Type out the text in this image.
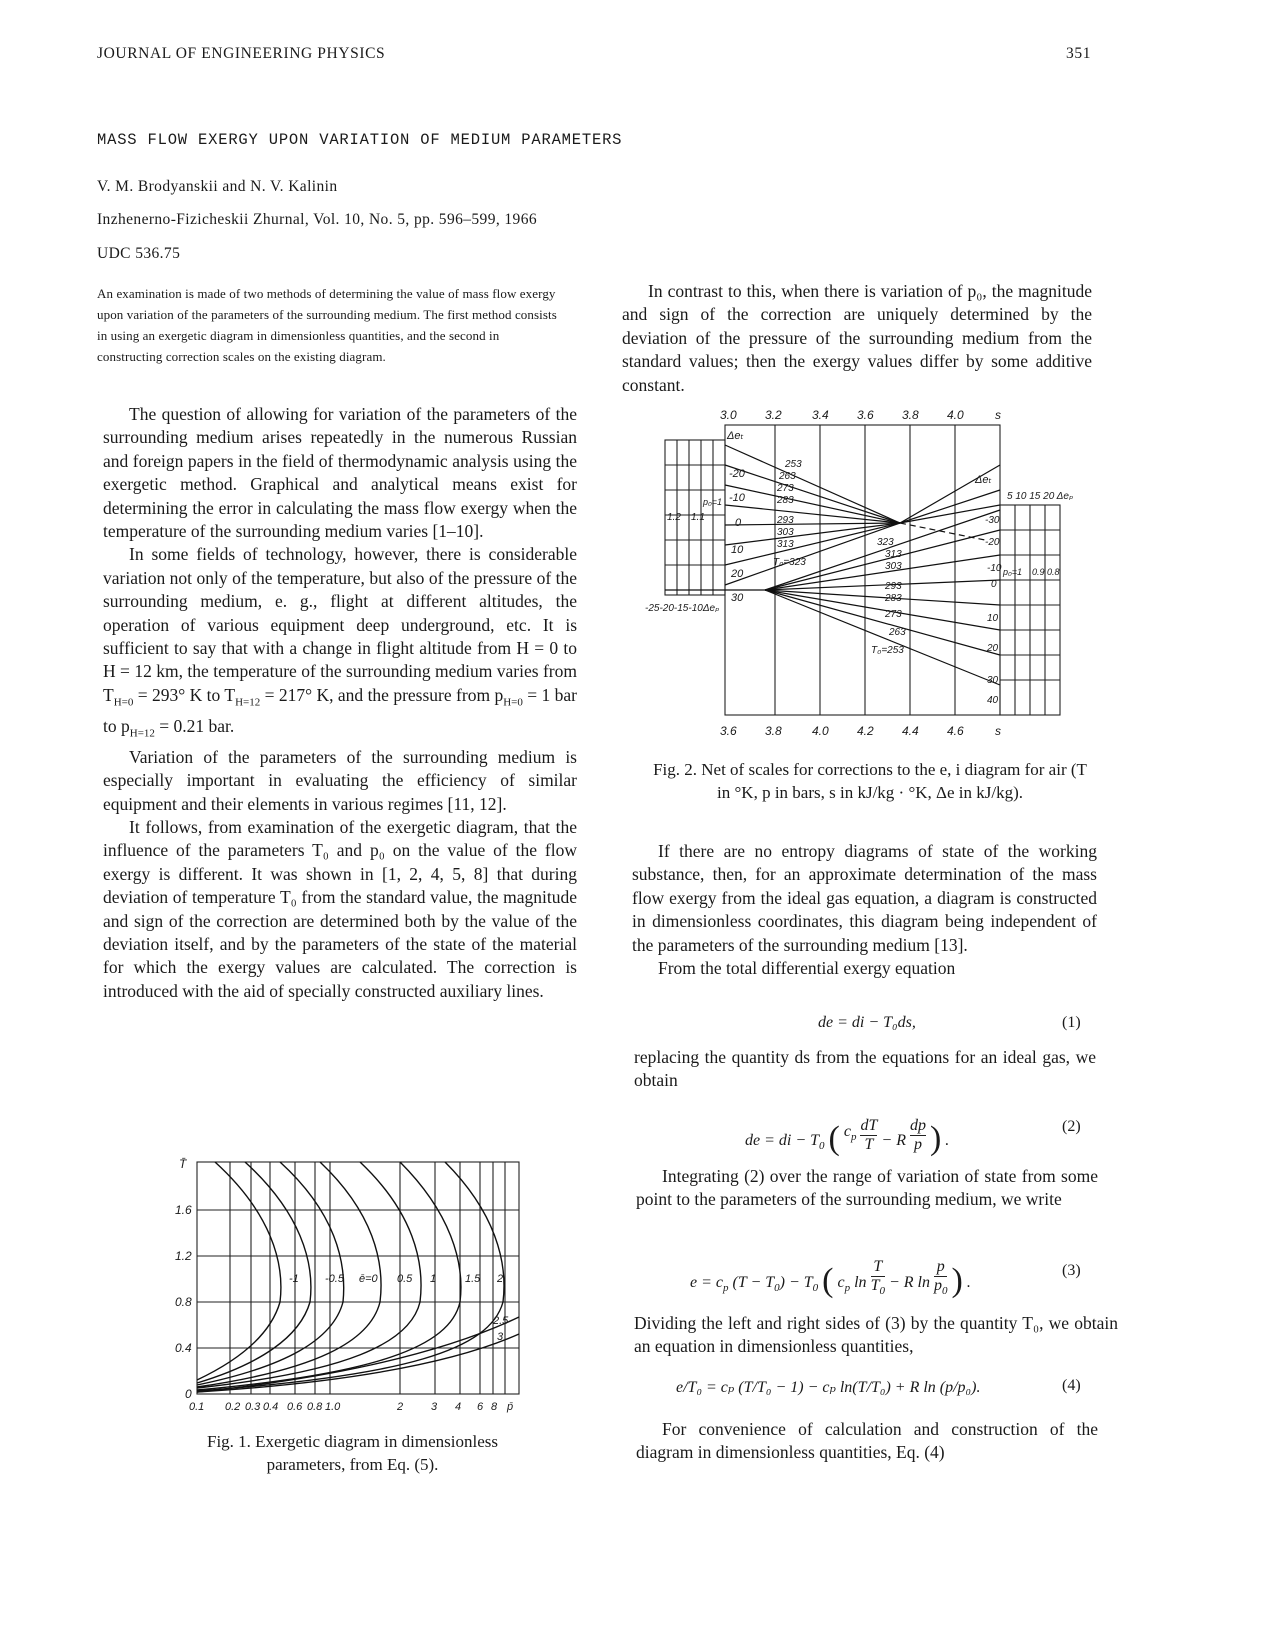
JOURNAL OF ENGINEERING PHYSICS	351
MASS FLOW EXERGY UPON VARIATION OF MEDIUM PARAMETERS
V. M. Brodyanskii and N. V. Kalinin
Inzhenerno-Fizicheskii Zhurnal, Vol. 10, No. 5, pp. 596–599, 1966
UDC 536.75
An examination is made of two methods of determining the value of mass flow exergy upon variation of the parameters of the surrounding medium. The first method consists in using an exergetic diagram in dimensionless quantities, and the second in constructing correction scales on the existing diagram.

The question of allowing for variation of the parameters of the surrounding medium arises repeatedly in the numerous Russian and foreign papers in the field of thermodynamic analysis using the exergetic method. Graphical and analytical means exist for determining the error in calculating the mass flow exergy when the temperature of the surrounding medium varies [1–10].

In some fields of technology, however, there is considerable variation not only of the temperature, but also of the pressure of the surrounding medium, e. g., flight at different altitudes, the operation of various equipment deep underground, etc. It is sufficient to say that with a change in flight altitude from H = 0 to H = 12 km, the temperature of the surrounding medium varies from $T_{H=0} = 293^\circ$ K to $T_{H=12} = 217^\circ$ K, and the pressure from $p_{H=0} = 1$ bar to $p_{H=12} = 0.21$ bar.

Variation of the parameters of the surrounding medium is especially important in evaluating the efficiency of similar equipment and their elements in various regimes [11, 12].

It follows, from examination of the exergetic diagram, that the influence of the parameters T₀ and p₀ on the value of the flow exergy is different. It was shown in [1, 2, 4, 5, 8] that during deviation of temperature T₀ from the standard value, the magnitude and sign of the correction are determined both by the value of the deviation itself, and by the parameters of the state of the material for which the exergy values are calculated. The correction is introduced with the aid of specially constructed auxiliary lines.

T̄
1.6
1.2
0.8
0.4
0
0.1 0.2 0.3 0.4 0.6 0.8 1.0	2	3 4 6 8 p̄
-1 -0.5 ē=0 0.5 1	1.5 2
2.5
3
Fig. 1. Exergetic diagram in dimensionless parameters, from Eq. (5).

In contrast to this, when there is variation of p₀, the magnitude and sign of the correction are uniquely determined by the deviation of the pressure of the surrounding medium from the standard values; then the exergy values differ by some additive constant.

3.0 3.2	3.4 3.6 3.8 4.0	s
3.6 3.8	4.0 4.2 4.4 4.6	s
Δeₜ
-20
-10
0
10
20
30
-25-20-15-10Δeₚ
1.2 1.1
p₀=1
253
263
273
283
293
303
313
T₀=323
323
313
303
293
283
273
263
T₀=253
Δeₜ
-30
-20
-10
0
10
20
30
40
5 10 15 20 Δeₚ
p₀=1 0.9 0.8
Fig. 2. Net of scales for corrections to the e, i diagram for air (T in °K, p in bars, s in kJ/kg · °K, Δe in kJ/kg).

If there are no entropy diagrams of state of the working substance, then, for an approximate determination of the mass flow exergy from the ideal gas equation, a diagram is constructed in dimensionless coordinates, this diagram being independent of the parameters of the surrounding medium [13].

From the total differential exergy equation

de = di − T₀ds,	(1)

replacing the quantity ds from the equations for an ideal gas, we obtain

de = di − $T_0$ ( $c_p \frac{dT}{T} - R \frac{dp}{p}$ ) .
(2)

Integrating (2) over the range of variation of state from some point to the parameters of the surrounding medium, we write

$e = c_p$ $(T - T_0) - T_0$ ( $c_p$ $\ln \frac{T}{T_0} - R$ $\ln \frac{p}{p_0}$ ) .
(3)

Dividing the left and right sides of (3) by the quantity T₀, we obtain an equation in dimensionless quantities,

e/T₀ = cₚ (T/T₀ − 1) − cₚ ln(T/T₀) + R ln (p/p₀).	(4)

For convenience of calculation and construction of the diagram in dimensionless quantities, Eq. (4)
